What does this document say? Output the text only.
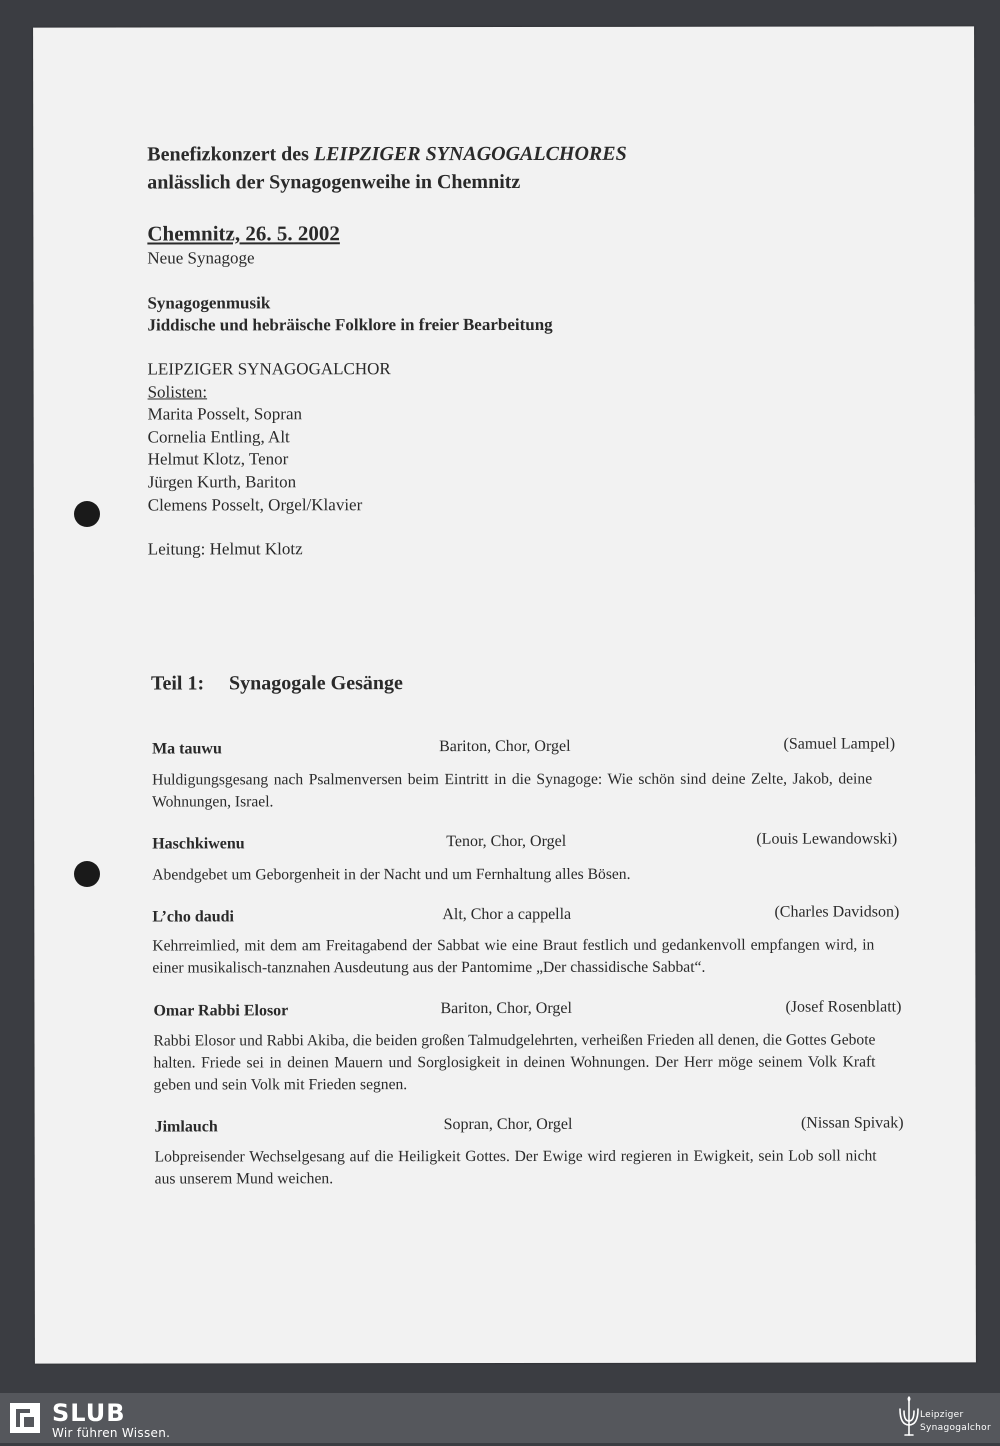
Benefizkonzert des LEIPZIGER SYNAGOGALCHORES
anlässlich der Synagogenweihe in Chemnitz
Chemnitz, 26. 5. 2002
Neue Synagoge
Synagogenmusik
Jiddische und hebräische Folklore in freier Bearbeitung
LEIPZIGER SYNAGOGALCHOR
Solisten:
Marita Posselt, Sopran
Cornelia Entling, Alt
Helmut Klotz, Tenor
Jürgen Kurth, Bariton
Clemens Posselt, Orgel/Klavier
Leitung: Helmut Klotz
Teil 1: Synagogale Gesänge
Ma tauwu	Bariton, Chor, Orgel	(Samuel Lampel)
Huldigungsgesang nach Psalmenversen beim Eintritt in die Synagoge: Wie schön sind deine Zelte, Jakob, deine Wohnungen, Israel.
Haschkiwenu	Tenor, Chor, Orgel	(Louis Lewandowski)
Abendgebet um Geborgenheit in der Nacht und um Fernhaltung alles Bösen.
L’cho daudi	Alt, Chor a cappella	(Charles Davidson)
Kehrreimlied, mit dem am Freitagabend der Sabbat wie eine Braut festlich und gedankenvoll empfangen wird, in einer musikalisch-tanznahen Ausdeutung aus der Pantomime „Der chassidische Sabbat“.
Omar Rabbi Elosor	Bariton, Chor, Orgel	(Josef Rosenblatt)
Rabbi Elosor und Rabbi Akiba, die beiden großen Talmudgelehrten, verheißen Frieden all denen, die Gottes Gebote halten. Friede sei in deinen Mauern und Sorglosigkeit in deinen Wohnungen. Der Herr möge seinem Volk Kraft geben und sein Volk mit Frieden segnen.
Jimlauch	Sopran, Chor, Orgel	(Nissan Spivak)
Lobpreisender Wechselgesang auf die Heiligkeit Gottes. Der Ewige wird regieren in Ewigkeit, sein Lob soll nicht aus unserem Mund weichen.
SLUB
Wir führen Wissen.
Leipziger
Synagogalchor
